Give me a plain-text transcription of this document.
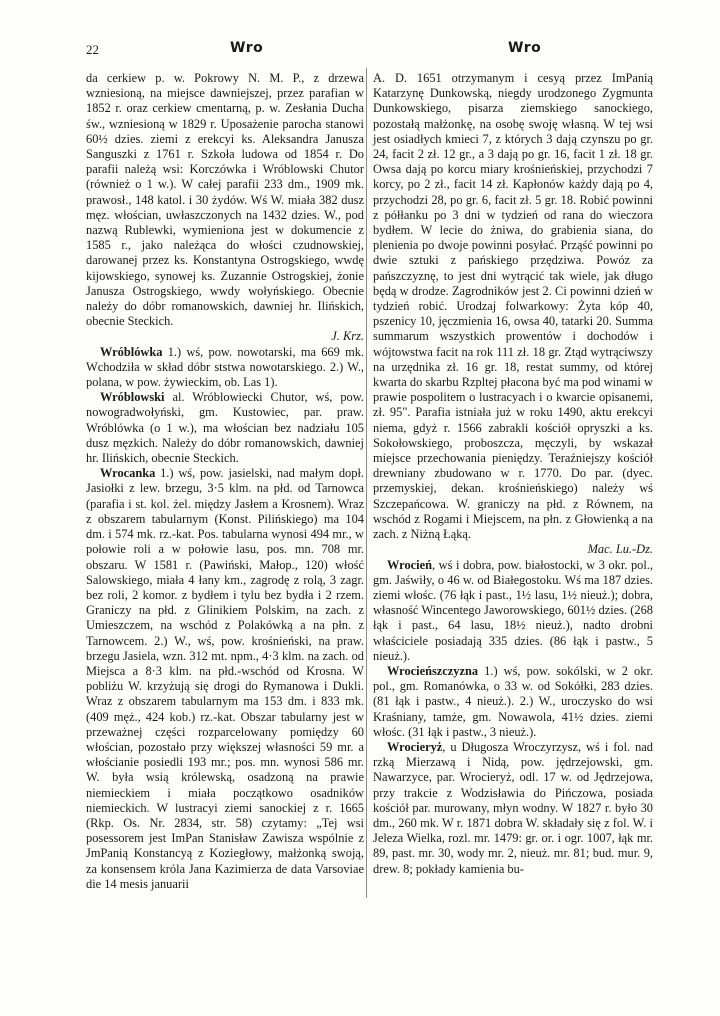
22	Wro	Wro

da cerkiew p. w. Pokrowy N. M. P., z drzewa wzniesioną, na miejsce dawniejszej, przez parafian w 1852 r. oraz cerkiew cmentarną, p. w. Zesłania Ducha św., wzniesioną w 1829 r. Uposażenie parocha stanowi 60½ dzies. ziemi z erekcyi ks. Aleksandra Janusza Sanguszki z 1761 r. Szkoła ludowa od 1854 r. Do parafii należą wsi: Korczówka i Wróblowski Chutor (również o 1 w.). W całej parafii 233 dm., 1909 mk. prawosł., 148 katol. i 30 żydów. Wś W. miała 382 dusz męz. włościan, uwłaszczonych na 1432 dzies. W., pod nazwą Rublewki, wymieniona jest w dokumencie z 1585 r., jako należąca do włości czudnowskiej, darowanej przez ks. Konstantyna Ostrogskiego, wwdę kijowskiego, synowej ks. Zuzannie Ostrogskiej, żonie Janusza Ostrogskiego, wwdy wołyńskiego. Obecnie należy do dóbr romanowskich, dawniej hr. Ilińskich, obecnie Steckich.
J. Krz.

Wróblówka 1.) wś, pow. nowotarski, ma 669 mk. Wchodziła w skład dóbr ststwa nowotarskiego. 2.) W., polana, w pow. żywieckim, ob. Las 1).

Wróblowski al. Wróblowiecki Chutor, wś, pow. nowogradwołyński, gm. Kustowiec, par. praw. Wróblówka (o 1 w.), ma włościan bez nadziału 105 dusz męzkich. Należy do dóbr romanowskich, dawniej hr. Ilińskich, obecnie Steckich.

Wrocanka 1.) wś, pow. jasielski, nad małym dopł. Jasiołki z lew. brzegu, 3·5 klm. na płd. od Tarnowca (parafia i st. kol. żel. między Jasłem a Krosnem). Wraz z obszarem tabularnym (Konst. Pilińskiego) ma 104 dm. i 574 mk. rz.-kat. Pos. tabularna wynosi 494 mr., w połowie roli a w połowie lasu, pos. mn. 708 mr. obszaru. W 1581 r. (Pawiński, Małop., 120) włość Salowskiego, miała 4 łany km., zagrodę z rolą, 3 zagr. bez roli, 2 komor. z bydłem i tylu bez bydła i 2 rzem. Graniczy na płd. z Glinikiem Polskim, na zach. z Umieszczem, na wschód z Polakówką a na płn. z Tarnowcem. 2.) W., wś, pow. krośnieński, na praw. brzegu Jasiela, wzn. 312 mt. npm., 4·3 klm. na zach. od Miejsca a 8·3 klm. na płd.-wschód od Krosna. W pobliżu W. krzyżują się drogi do Rymanowa i Dukli. Wraz z obszarem tabularnym ma 153 dm. i 833 mk. (409 męż., 424 kob.) rz.-kat. Obszar tabularny jest w przeważnej części rozparcelowany pomiędzy 60 włościan, pozostało przy większej własności 59 mr. a włościanie posiedli 193 mr.; pos. mn. wynosi 586 mr. W. była wsią królewską, osadzoną na prawie niemieckiem i miała początkowo osadników niemieckich. W lustracyi ziemi sanockiej z r. 1665 (Rkp. Os. Nr. 2834, str. 58) czytamy: „Tej wsi posessorem jest ImPan Stanisław Zawisza wspólnie z JmPanią Konstancyą z Koziegłowy, małżonką swoją, za konsensem króla Jana Kazimierza de data Varsoviae die 14 mesis januarii

A. D. 1651 otrzymanym i cesyą przez ImPanią Katarzynę Dunkowską, niegdy urodzonego Zygmunta Dunkowskiego, pisarza ziemskiego sanockiego, pozostałą małżonkę, na osobę swoję własną. W tej wsi jest osiadłych kmieci 7, z których 3 dają czynszu po gr. 24, facit 2 zł. 12 gr., a 3 dają po gr. 16, facit 1 zł. 18 gr. Owsa dają po korcu miary krośnieńskiej, przychodzi 7 korcy, po 2 zł., facit 14 zł. Kapłonów każdy dają po 4, przychodzi 28, po gr. 6, facit zł. 5 gr. 18. Robić powinni z półłanku po 3 dni w tydzień od rana do wieczora bydłem. W lecie do żniwa, do grabienia siana, do plenienia po dwoje powinni posyłać. Prząść powinni po dwie sztuki z pańskiego przędziwa. Powóz za pańszczyznę, to jest dni wytrącić tak wiele, jak długo będą w drodze. Zagrodników jest 2. Ci powinni dzień w tydzień robić. Urodzaj folwarkowy: Żyta kóp 40, pszenicy 10, jęczmienia 16, owsa 40, tatarki 20. Summa summarum wszystkich prowentów i dochodów i wójtowstwa facit na rok 111 zł. 18 gr. Ztąd wytrąciwszy na urzędnika zł. 16 gr. 18, restat summy, od której kwarta do skarbu Rzpltej płacona być ma pod winami w prawie pospolitem o lustracyach i o kwarcie opisanemi, zł. 95". Parafia istniała już w roku 1490, aktu erekcyi niema, gdyż r. 1566 zabrakli kościół opryszki a ks. Sokołowskiego, proboszcza, męczyli, by wskazał miejsce przechowania pieniędzy. Teraźniejszy kościół drewniany zbudowano w r. 1770. Do par. (dyec. przemyskiej, dekan. krośnieńskiego) należy wś Szczepańcowa. W. graniczy na płd. z Równem, na wschód z Rogami i Miejscem, na płn. z Głowienką a na zach. z Niżną Łąką.
Mac. Lu.-Dz.

Wrocień, wś i dobra, pow. białostocki, w 3 okr. pol., gm. Jaświły, o 46 w. od Białegostoku. Wś ma 187 dzies. ziemi włośc. (76 łąk i past., 1½ lasu, 1½ nieuż.); dobra, własność Wincentego Jaworowskiego, 601½ dzies. (268 łąk i past., 64 lasu, 18½ nieuż.), nadto drobni właściciele posiadają 335 dzies. (86 łąk i pastw., 5 nieuż.).

Wrocieńszczyzna 1.) wś, pow. sokólski, w 2 okr. pol., gm. Romanówka, o 33 w. od Sokółki, 283 dzies. (81 łąk i pastw., 4 nieuż.). 2.) W., uroczysko do wsi Kraśniany, tamże, gm. Nowawola, 41½ dzies. ziemi włośc. (31 łąk i pastw., 3 nieuż.).

Wrocieryż, u Długosza Wroczyrzysz, wś i fol. nad rzką Mierzawą i Nidą, pow. jędrzejowski, gm. Nawarzyce, par. Wrocieryż, odl. 17 w. od Jędrzejowa, przy trakcie z Wodzisławia do Pińczowa, posiada kościół par. murowany, młyn wodny. W 1827 r. było 30 dm., 260 mk. W r. 1871 dobra W. składały się z fol. W. i Jeleza Wielka, rozl. mr. 1479: gr. or. i ogr. 1007, łąk mr. 89, past. mr. 30, wody mr. 2, nieuż. mr. 81; bud. mur. 9, drew. 8; pokłady kamienia bu-
